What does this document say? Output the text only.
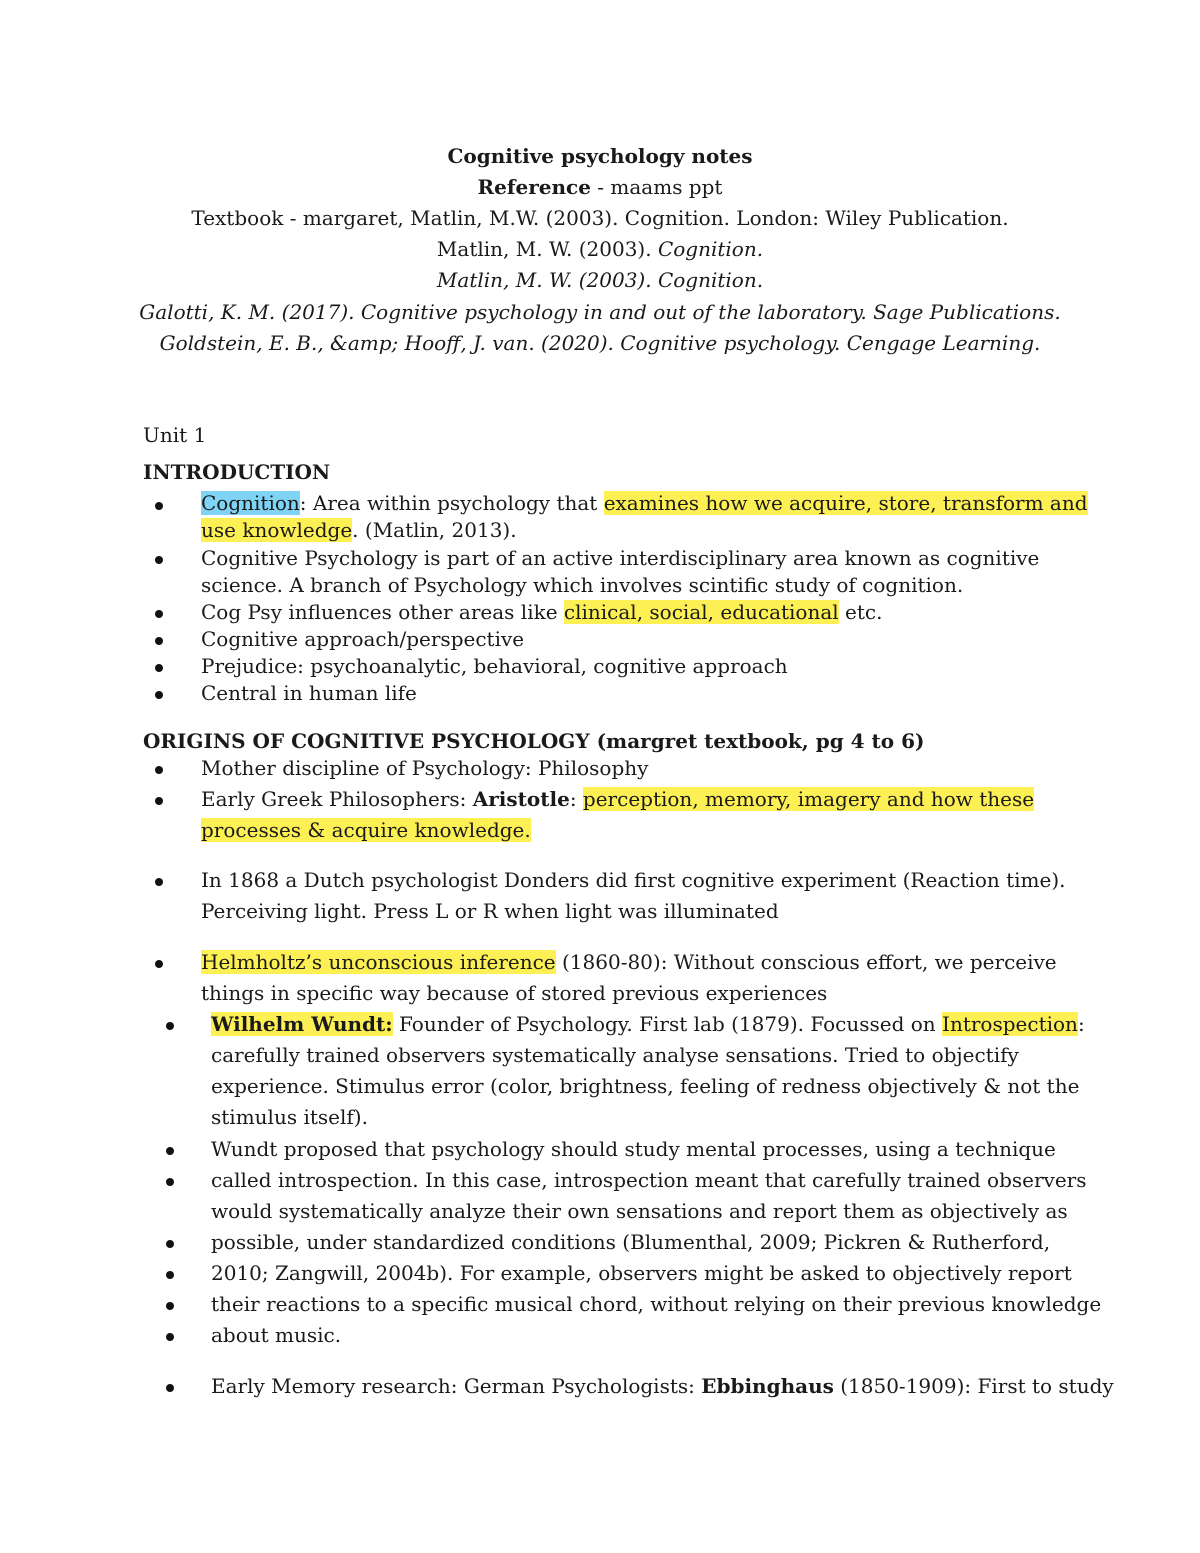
Cognitive psychology notes
Reference - maams ppt
Textbook - margaret, Matlin, M.W. (2003). Cognition. London: Wiley Publication.
Matlin, M. W. (2003). Cognition.
Matlin, M. W. (2003). Cognition.
Galotti, K. M. (2017). Cognitive psychology in and out of the laboratory. Sage Publications.
Goldstein, E. B., &amp; Hooff, J. van. (2020). Cognitive psychology. Cengage Learning.
Unit 1
INTRODUCTION
Cognition: Area within psychology that examines how we acquire, store, transform and
use knowledge. (Matlin, 2013).
Cognitive Psychology is part of an active interdisciplinary area known as cognitive
science. A branch of Psychology which involves scintific study of cognition.
Cog Psy influences other areas like clinical, social, educational etc.
Cognitive approach/perspective
Prejudice: psychoanalytic, behavioral, cognitive approach
Central in human life
ORIGINS OF COGNITIVE PSYCHOLOGY (margret textbook, pg 4 to 6)
Mother discipline of Psychology: Philosophy
Early Greek Philosophers: Aristotle: perception, memory, imagery and how these
processes & acquire knowledge.
In 1868 a Dutch psychologist Donders did first cognitive experiment (Reaction time).
Perceiving light. Press L or R when light was illuminated
Helmholtz’s unconscious inference (1860-80): Without conscious effort, we perceive
things in specific way because of stored previous experiences
Wilhelm Wundt: Founder of Psychology. First lab (1879). Focussed on Introspection:
carefully trained observers systematically analyse sensations. Tried to objectify
experience. Stimulus error (color, brightness, feeling of redness objectively & not the
stimulus itself).
Wundt proposed that psychology should study mental processes, using a technique
called introspection. In this case, introspection meant that carefully trained observers
would systematically analyze their own sensations and report them as objectively as
possible, under standardized conditions (Blumenthal, 2009; Pickren & Rutherford,
2010; Zangwill, 2004b). For example, observers might be asked to objectively report
their reactions to a specific musical chord, without relying on their previous knowledge
about music.
Early Memory research: German Psychologists: Ebbinghaus (1850-1909): First to study
